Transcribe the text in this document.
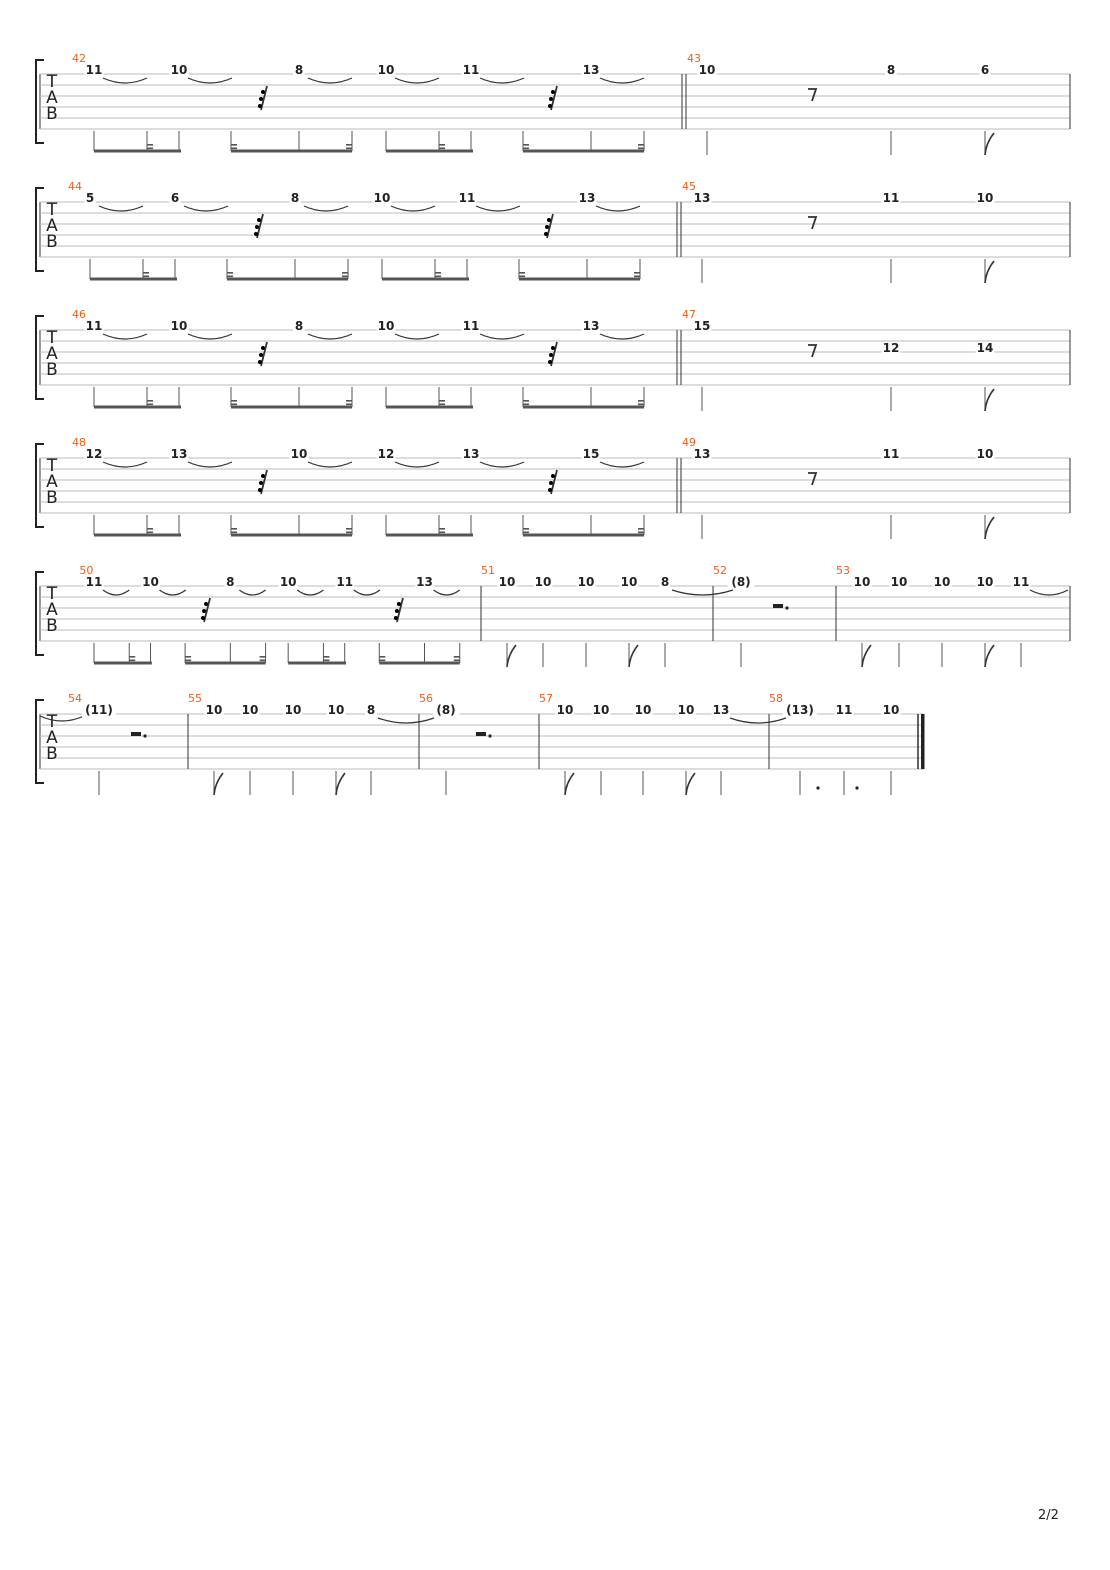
T
A
B
T
A
B
T
A
B
T
A
B
T
A
B
T
A
B
42
11	10	8	10	11	13
43
10	8	6
44
5	6	8	10	11	13
45
13	11	10
46
11	10	8	10	11	13
47
15
12	14
48
12	13	10	12	13	15
49
13	11	10
50
11	10	8	10	11	13
51
10 10 10 10 8
52
(8)
53
10 10 10 10 11
54
(11)
55
10 10 10 10 8
56
(8)
57
10 10 10 10 13
58
(13) 11	10
2/2
